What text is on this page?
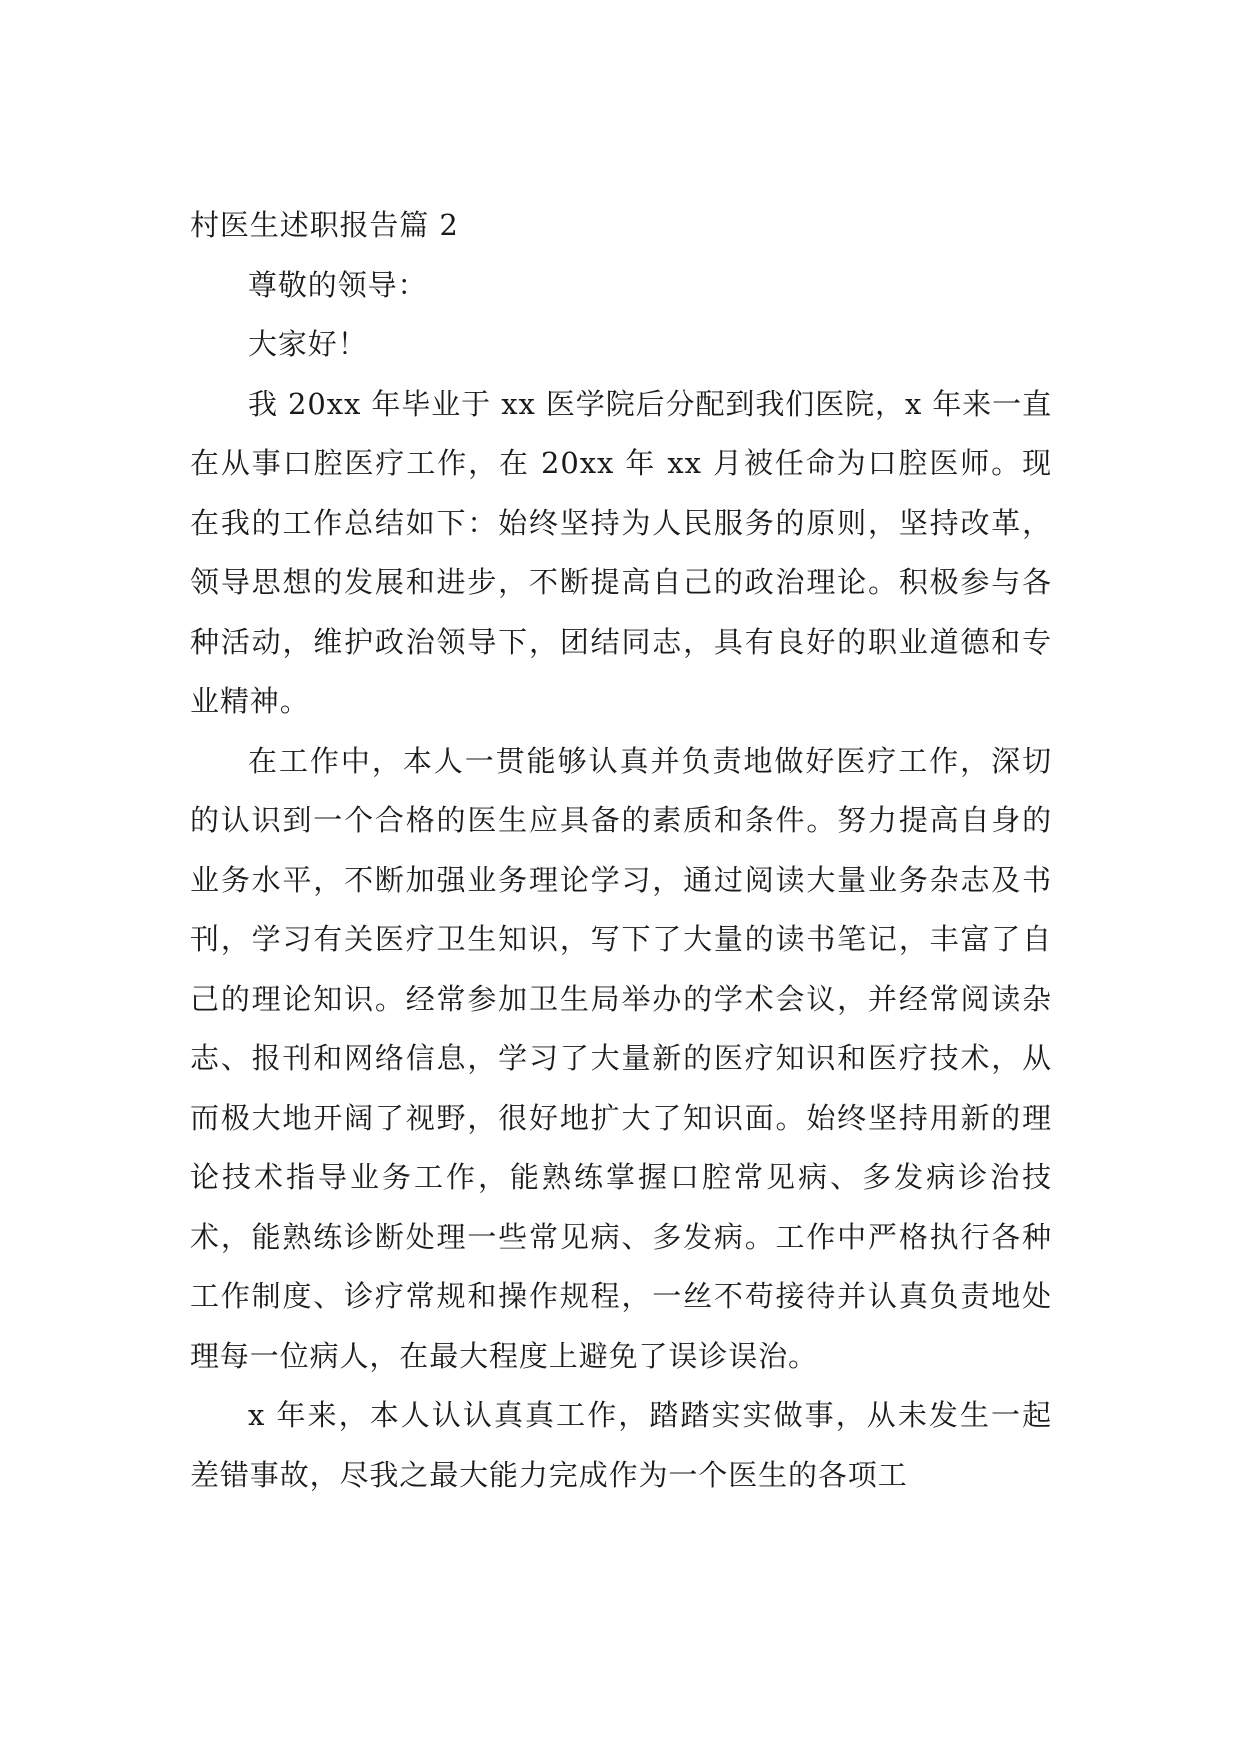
村医生述职报告篇 2

尊敬的领导：

大家好！

我 20xx 年毕业于 xx 医学院后分配到我们医院，x 年来一直在从事口腔医疗工作，在 20xx 年 xx 月被任命为口腔医师。现在我的工作总结如下：始终坚持为人民服务的原则，坚持改革，领导思想的发展和进步，不断提高自己的政治理论。积极参与各种活动，维护政治领导下，团结同志，具有良好的职业道德和专业精神。

在工作中，本人一贯能够认真并负责地做好医疗工作，深切的认识到一个合格的医生应具备的素质和条件。努力提高自身的业务水平，不断加强业务理论学习，通过阅读大量业务杂志及书刊，学习有关医疗卫生知识，写下了大量的读书笔记，丰富了自己的理论知识。经常参加卫生局举办的学术会议，并经常阅读杂志、报刊和网络信息，学习了大量新的医疗知识和医疗技术，从而极大地开阔了视野，很好地扩大了知识面。始终坚持用新的理论技术指导业务工作，能熟练掌握口腔常见病、多发病诊治技术，能熟练诊断处理一些常见病、多发病。工作中严格执行各种工作制度、诊疗常规和操作规程，一丝不苟接待并认真负责地处理每一位病人，在最大程度上避免了误诊误治。

x 年来，本人认认真真工作，踏踏实实做事，从未发生一起差错事故，尽我之最大能力完成作为一个医生的各项工
